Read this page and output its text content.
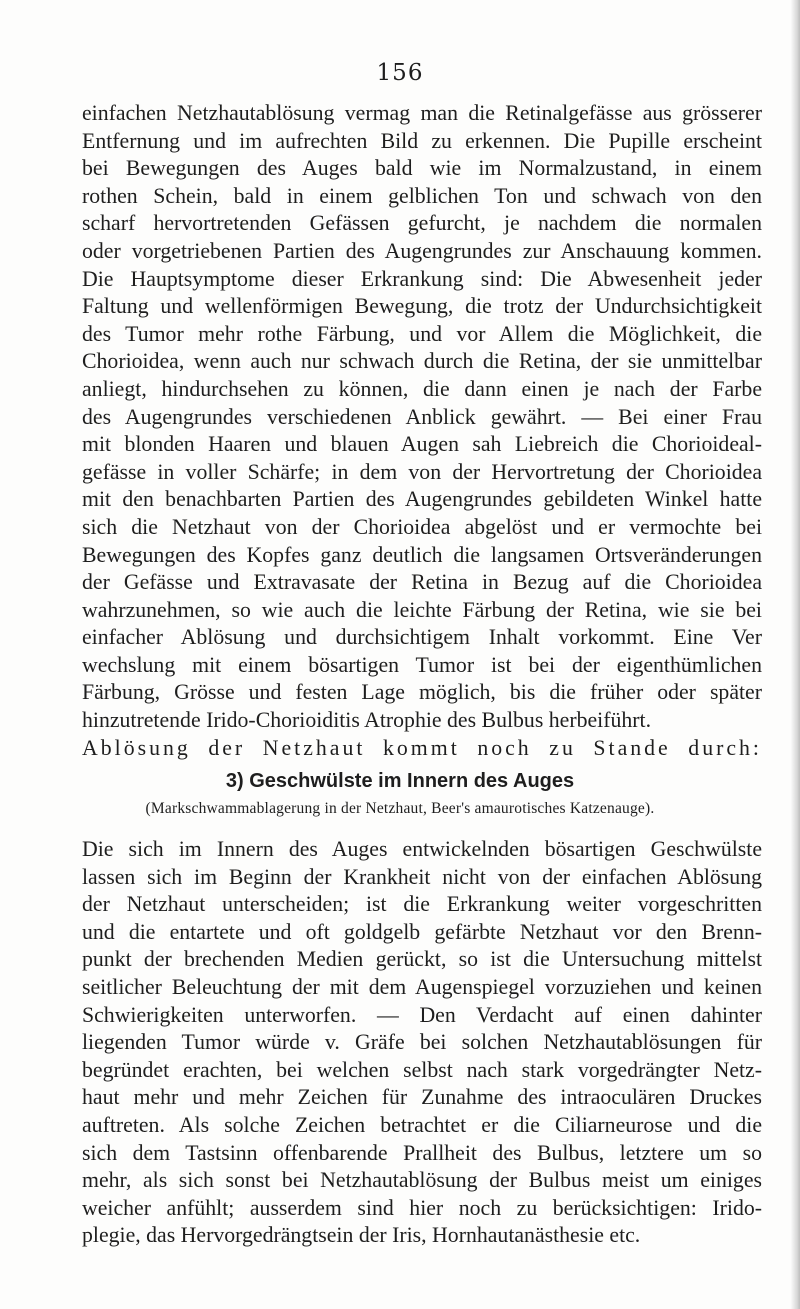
156
einfachen Netzhautablösung vermag man die Retinalgefässe aus grösserer
Entfernung und im aufrechten Bild zu erkennen. Die Pupille erscheint
bei Bewegungen des Auges bald wie im Normalzustand, in einem
rothen Schein, bald in einem gelblichen Ton und schwach von den
scharf hervortretenden Gefässen gefurcht, je nachdem die normalen
oder vorgetriebenen Partien des Augengrundes zur Anschauung kommen.
Die Hauptsymptome dieser Erkrankung sind: Die Abwesenheit jeder
Faltung und wellenförmigen Bewegung, die trotz der Undurchsichtigkeit
des Tumor mehr rothe Färbung, und vor Allem die Möglichkeit, die
Chorioidea, wenn auch nur schwach durch die Retina, der sie unmittelbar
anliegt, hindurchsehen zu können, die dann einen je nach der Farbe
des Augengrundes verschiedenen Anblick gewährt. — Bei einer Frau
mit blonden Haaren und blauen Augen sah Liebreich die Chorioideal-
gefässe in voller Schärfe; in dem von der Hervortretung der Chorioidea
mit den benachbarten Partien des Augengrundes gebildeten Winkel hatte
sich die Netzhaut von der Chorioidea abgelöst und er vermochte bei
Bewegungen des Kopfes ganz deutlich die langsamen Ortsveränderungen
der Gefässe und Extravasate der Retina in Bezug auf die Chorioidea
wahrzunehmen, so wie auch die leichte Färbung der Retina, wie sie bei
einfacher Ablösung und durchsichtigem Inhalt vorkommt. Eine Ver
wechslung mit einem bösartigen Tumor ist bei der eigenthümlichen
Färbung, Grösse und festen Lage möglich, bis die früher oder später
hinzutretende Irido-Chorioiditis Atrophie des Bulbus herbeiführt.
Ablösung der Netzhaut kommt noch zu Stande durch:
3) Geschwülste im Innern des Auges
(Markschwammablagerung in der Netzhaut, Beer's amaurotisches Katzenauge).
Die sich im Innern des Auges entwickelnden bösartigen Geschwülste
lassen sich im Beginn der Krankheit nicht von der einfachen Ablösung
der Netzhaut unterscheiden; ist die Erkrankung weiter vorgeschritten
und die entartete und oft goldgelb gefärbte Netzhaut vor den Brenn-
punkt der brechenden Medien gerückt, so ist die Untersuchung mittelst
seitlicher Beleuchtung der mit dem Augenspiegel vorzuziehen und keinen
Schwierigkeiten unterworfen. — Den Verdacht auf einen dahinter
liegenden Tumor würde v. Gräfe bei solchen Netzhautablösungen für
begründet erachten, bei welchen selbst nach stark vorgedrängter Netz-
haut mehr und mehr Zeichen für Zunahme des intraoculären Druckes
auftreten. Als solche Zeichen betrachtet er die Ciliarneurose und die
sich dem Tastsinn offenbarende Prallheit des Bulbus, letztere um so
mehr, als sich sonst bei Netzhautablösung der Bulbus meist um einiges
weicher anfühlt; ausserdem sind hier noch zu berücksichtigen: Irido-
plegie, das Hervorgedrängtsein der Iris, Hornhautanästhesie etc.
